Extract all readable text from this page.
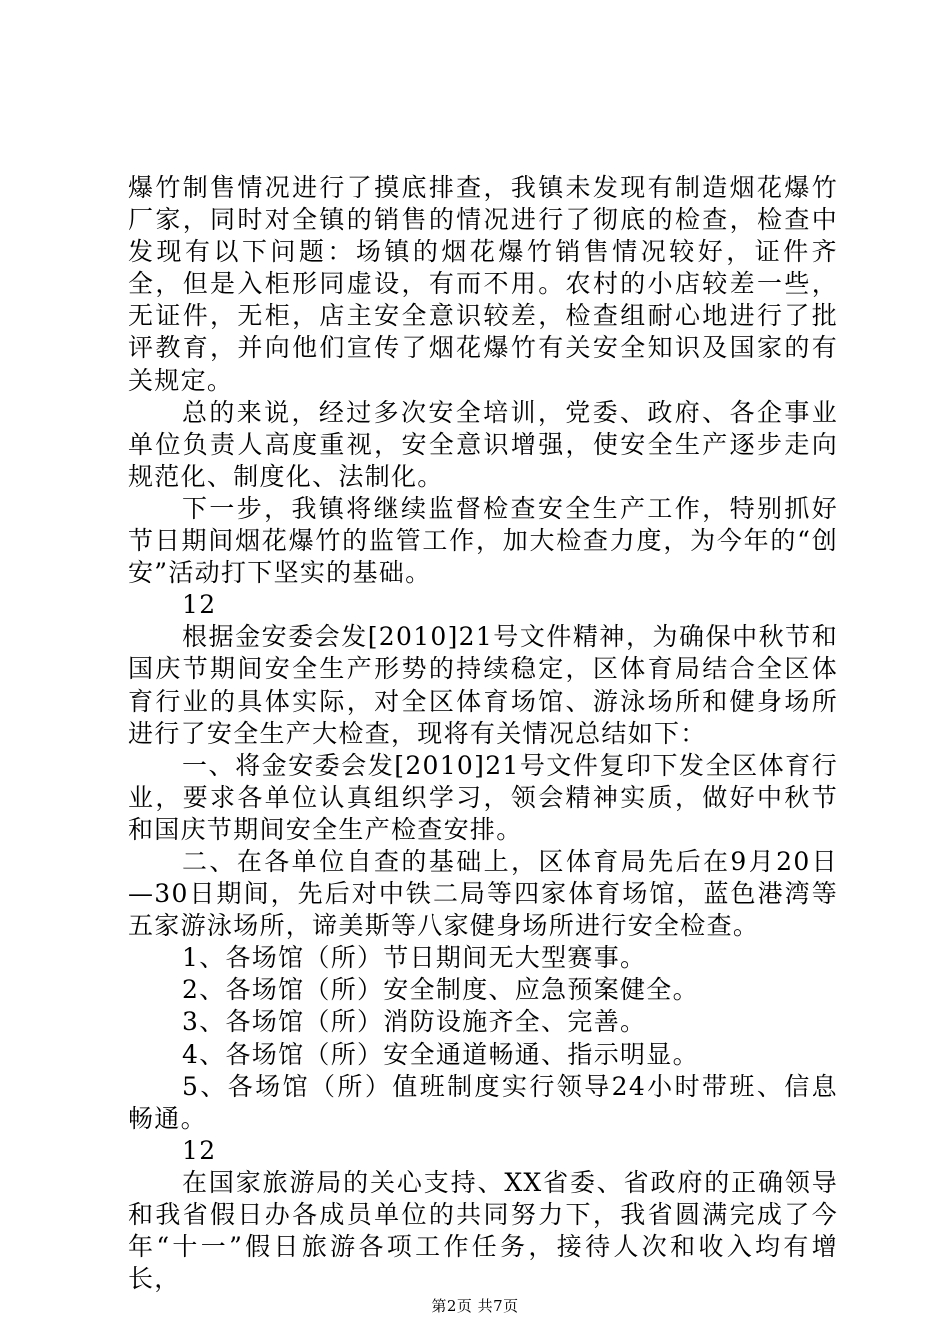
爆竹制售情况进行了摸底排查，我镇未发现有制造烟花爆竹厂家，同时对全镇的销售的情况进行了彻底的检查，检查中发现有以下问题：场镇的烟花爆竹销售情况较好，证件齐全，但是入柜形同虚设，有而不用。农村的小店较差一些，无证件，无柜，店主安全意识较差，检查组耐心地进行了批评教育，并向他们宣传了烟花爆竹有关安全知识及国家的有关规定。

总的来说，经过多次安全培训，党委、政府、各企事业单位负责人高度重视，安全意识增强，使安全生产逐步走向规范化、制度化、法制化。

下一步，我镇将继续监督检查安全生产工作，特别抓好节日期间烟花爆竹的监管工作，加大检查力度，为今年的“创安”活动打下坚实的基础。

12

根据金安委会发[2010]21号文件精神，为确保中秋节和国庆节期间安全生产形势的持续稳定，区体育局结合全区体育行业的具体实际，对全区体育场馆、游泳场所和健身场所进行了安全生产大检查，现将有关情况总结如下：

一、将金安委会发[2010]21号文件复印下发全区体育行业，要求各单位认真组织学习，领会精神实质，做好中秋节和国庆节期间安全生产检查安排。

二、在各单位自查的基础上，区体育局先后在9月20日—30日期间，先后对中铁二局等四家体育场馆，蓝色港湾等五家游泳场所，谛美斯等八家健身场所进行安全检查。

1、各场馆（所）节日期间无大型赛事。

2、各场馆（所）安全制度、应急预案健全。

3、各场馆（所）消防设施齐全、完善。

4、各场馆（所）安全通道畅通、指示明显。

5、各场馆（所）值班制度实行领导24小时带班、信息畅通。

12

在国家旅游局的关心支持、XX省委、省政府的正确领导和我省假日办各成员单位的共同努力下，我省圆满完成了今年“十一”假日旅游各项工作任务，接待人次和收入均有增长，

第2页 共7页
